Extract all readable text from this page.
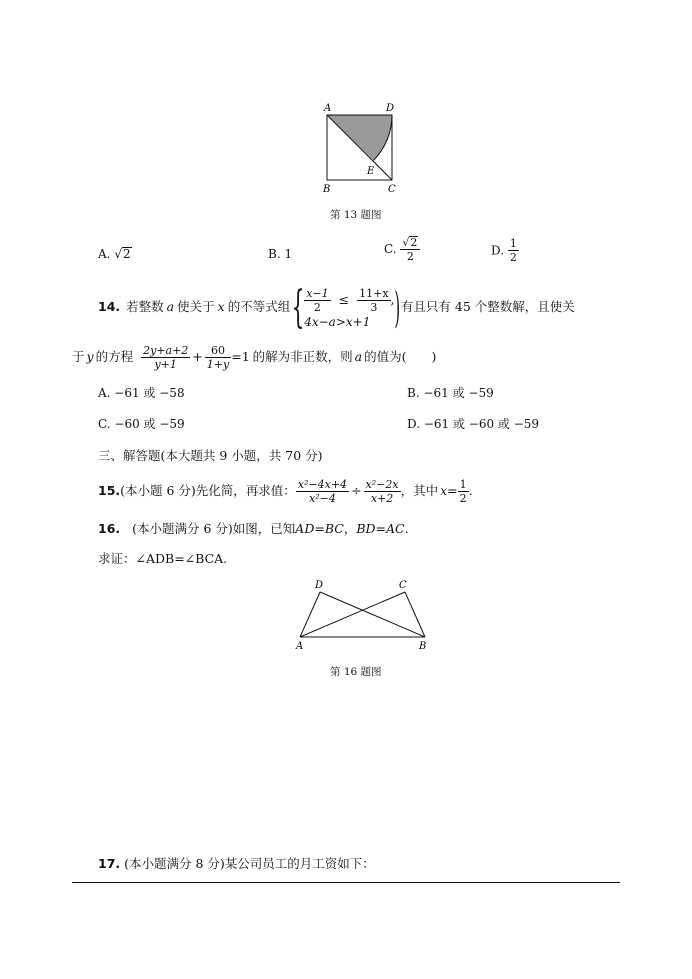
A	D
B	C
E
第 13 题图
A. √2	B. 1	C. $\frac{√2}{2}$	D. $\frac{1}{2}$
14. 若整数 a 使关于 x 的不等式组 { $\frac{x-1}{2} \le \frac{11+x}{3}$ ,
4x−a>x+1 ) 有且只有 45 个整数解，且使关
于 y 的方程 $\frac{2y+a+2}{y+1} + \frac{60}{1+y} =1$ 的解为非正数，则 a 的值为(　　)
A. −61 或 −58	B. −61 或 −59
C. −60 或 −59	D. −61 或 −60 或 −59
三、解答题(本大题共 9 小题，共 70 分)
15. (本小题 6 分)先化简，再求值： $\frac{\text{x²−4x+4}}{\text{x²−4}} \div \frac{\text{x²−2x}}{x+2}$ ，其中 $x = \frac{1}{2}$ .
16. (本小题满分 6 分)如图，已知AD=BC，BD=AC.
求证：∠ADB=∠BCA.
D	C
A	B
第 16 题图
17. (本小题满分 8 分)某公司员工的月工资如下：
